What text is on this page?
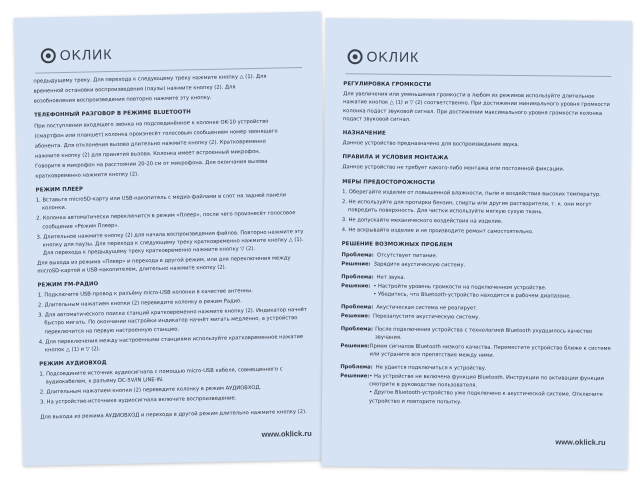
OKЛИК

предыдущему треку. Для перехода к следующему треку нажмите кнопку △ (1). Для

временной остановки воспроизведения (паузы) нажмите кнопку (2). Для

возобновления воспроизведения повторно нажмите эту кнопку.

ТЕЛЕФОННЫЙ РАЗГОВОР В РЕЖИМЕ BLUETOOTH

При поступлении входящего звонка на подсоединённое к колонке OK-10 устройство

(смартфон или планшет) колонка произнесёт голосовым сообщением номер звонящего

абонента. Для отклонения вызова длительно нажмите кнопку (2). Кратковременно

нажмите кнопку (2) для принятия вызова. Колонка имеет встроенный микрофон.

Говорите в микрофон на расстоянии 20-20 см от микрофона. Для окончания вызова

кратковременно нажмите кнопку (2).

РЕЖИМ ПЛЕЕР

1. Вставьте microSD-карту или USB-накопитель с медиа-файлами в слот на задней панели колонки.

2. Колонка автоматически переключится в режим «Плеер», после чего произнесёт голосовое сообщение «Режим Плеер».

3. Длительное нажмите кнопку (2) для начала воспроизведения файлов. Повторно нажмите эту кнопку для паузы. Для перехода к следующему треку кратковременно нажмите кнопку △ (1). Для перехода к предыдущему треку кратковременно нажмите кнопку ▽ (2).

Для выхода из режима «Плеер» и перехода в другой режим, или для переключения между microSD-картой и USB-накопителем, длительно нажмите кнопку (2).

РЕЖИМ FM-РАДИО

1. Подключите USB-провод к разъёму micro-USB колонки в качестве антенны.

2. Длительным нажатием кнопки (2) переведите колонку в режим Радио.

3. Для автоматического поиска станций кратковременно нажмите кнопку (2). Индикатор начнёт быстро мигать. По окончании настройки индикатор начнёт мигать медленно, а устройство переключится на первую настроенную станцию.

4. Для переключения между настроенными станциями используйте кратковременное нажатие кнопок △ (1) и ▽ (2).

РЕЖИМ АУДИОВХОД

1. Подсоедините источник аудиосигнала с помощью micro-USB кабеля, совмещенного с аудиокабелем, к разъему DC-5V/IN LINE-IN.

2. Длительным нажатием кнопки (2) переведите колонку в режим АУДИОВХОД.

3. На устройстве-источнике аудиосигнала включите воспроизведение.

Для выхода из режима АУДИОВХОД и перехода в другой режим длительно нажмите кнопку (2).

www.oklick.ru
OKЛИК
РЕГУЛИРОВКА ГРОМКОСТИ

Для увеличения или уменьшения громкости в любом из режимов используйте длительное нажатие кнопок △ (1) и ▽ (2) соответственно. При достижении минимального уровня громкости колонка подаст звуковой сигнал. При достижении максимального уровня громкости колонка подаст звуковой сигнал.

НАЗНАЧЕНИЕ

Данное устройство предназначено для воспроизведения звука.

ПРАВИЛА И УСЛОВИЯ МОНТАЖА

Данное устройство не требует какого-либо монтажа или постоянной фиксации.

МЕРЫ ПРЕДОСТОРОЖНОСТИ

1. Оберегайте изделие от повышенной влажности, пыли и воздействия высоких температур.

2. Не используйте для протирки бензин, спирты или другие растворители, т. к. они могут повредить поверхность. Для чистки используйте мягкую сухую ткань.

3. Не допускайте механического воздействия на изделие.

4. Не вскрывайте изделие и не производите ремонт самостоятельно.

РЕШЕНИЕ ВОЗМОЖНЫХ ПРОБЛЕМ
Проблема: Отсутствует питание.
Решение: Зарядите акустическую систему.
Проблема: Нет звука.
Решение: • Настройте уровень громкости на подключенном устройстве.
• Убедитесь, что Bluetooth-устройство находится в рабочем диапазоне.
Проблема: Акустическая система не реагирует.
Решение: Перезапустите акустическую систему.
Проблема: После подключения устройства с технологией Bluetooth ухудшилось качество звучания.
Решение: Прием сигналов Bluetooth низкого качества. Переместите устройство ближе к системе или устраните все препятствия между ними.
Проблема: Не удается подключиться к устройству.
Решение: • На устройстве не включена функция Bluetooth. Инструкции по активации функции смотрите в руководстве пользователя.
• Другое Bluetooth-устройство уже подключено к акустической системе. Отключите устройство и повторите попытку.
www.oklick.ru
